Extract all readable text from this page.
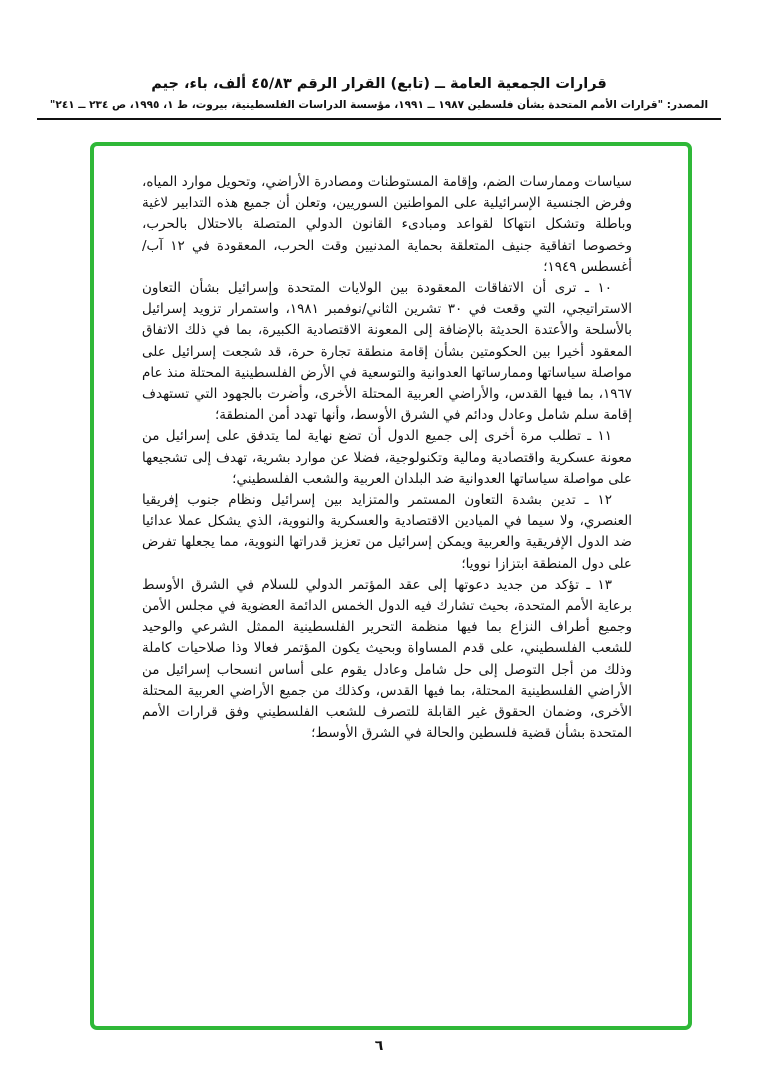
قرارات الجمعية العامة ــ (تابع) القرار الرقم ٤٥/٨٣ ألف، باء، جيم
المصدر: "قرارات الأمم المتحدة بشأن فلسطين ١٩٨٧ ــ ١٩٩١، مؤسسة الدراسات الفلسطينية، بيروت، ط ١، ١٩٩٥، ص ٢٣٤ ــ ٢٤١"

سياسات وممارسات الضم، وإقامة المستوطنات ومصادرة الأراضي، وتحويل موارد المياه، وفرض الجنسية الإسرائيلية على المواطنين السوريين، وتعلن أن جميع هذه التدابير لاغية وباطلة وتشكل انتهاكا لقواعد ومبادىء القانون الدولي المتصلة بالاحتلال بالحرب، وخصوصا اتفاقية جنيف المتعلقة بحماية المدنيين وقت الحرب، المعقودة في ١٢ آب/أغسطس ١٩٤٩؛

١٠ ـ ترى أن الاتفاقات المعقودة بين الولايات المتحدة وإسرائيل بشأن التعاون الاستراتيجي، التي وقعت في ٣٠ تشرين الثاني/نوفمبر ١٩٨١، واستمرار تزويد إسرائيل بالأسلحة والأعتدة الحديثة بالإضافة إلى المعونة الاقتصادية الكبيرة، بما في ذلك الاتفاق المعقود أخيرا بين الحكومتين بشأن إقامة منطقة تجارة حرة، قد شجعت إسرائيل على مواصلة سياساتها وممارساتها العدوانية والتوسعية في الأرض الفلسطينية المحتلة منذ عام ١٩٦٧، بما فيها القدس، والأراضي العربية المحتلة الأخرى، وأضرت بالجهود التي تستهدف إقامة سلم شامل وعادل ودائم في الشرق الأوسط، وأنها تهدد أمن المنطقة؛

١١ ـ تطلب مرة أخرى إلى جميع الدول أن تضع نهاية لما يتدفق على إسرائيل من معونة عسكرية واقتصادية ومالية وتكنولوجية، فضلا عن موارد بشرية، تهدف إلى تشجيعها على مواصلة سياساتها العدوانية ضد البلدان العربية والشعب الفلسطيني؛

١٢ ـ تدين بشدة التعاون المستمر والمتزايد بين إسرائيل ونظام جنوب إفريقيا العنصري، ولا سيما في الميادين الاقتصادية والعسكرية والنووية، الذي يشكل عملا عدائيا ضد الدول الإفريقية والعربية ويمكن إسرائيل من تعزيز قدراتها النووية، مما يجعلها تفرض على دول المنطقة ابتزازا نوويا؛

١٣ ـ تؤكد من جديد دعوتها إلى عقد المؤتمر الدولي للسلام في الشرق الأوسط برعاية الأمم المتحدة، بحيث تشارك فيه الدول الخمس الدائمة العضوية في مجلس الأمن وجميع أطراف النزاع بما فيها منظمة التحرير الفلسطينية الممثل الشرعي والوحيد للشعب الفلسطيني، على قدم المساواة وبحيث يكون المؤتمر فعالا وذا صلاحيات كاملة وذلك من أجل التوصل إلى حل شامل وعادل يقوم على أساس انسحاب إسرائيل من الأراضي الفلسطينية المحتلة، بما فيها القدس، وكذلك من جميع الأراضي العربية المحتلة الأخرى، وضمان الحقوق غير القابلة للتصرف للشعب الفلسطيني وفق قرارات الأمم المتحدة بشأن قضية فلسطين والحالة في الشرق الأوسط؛

٦
